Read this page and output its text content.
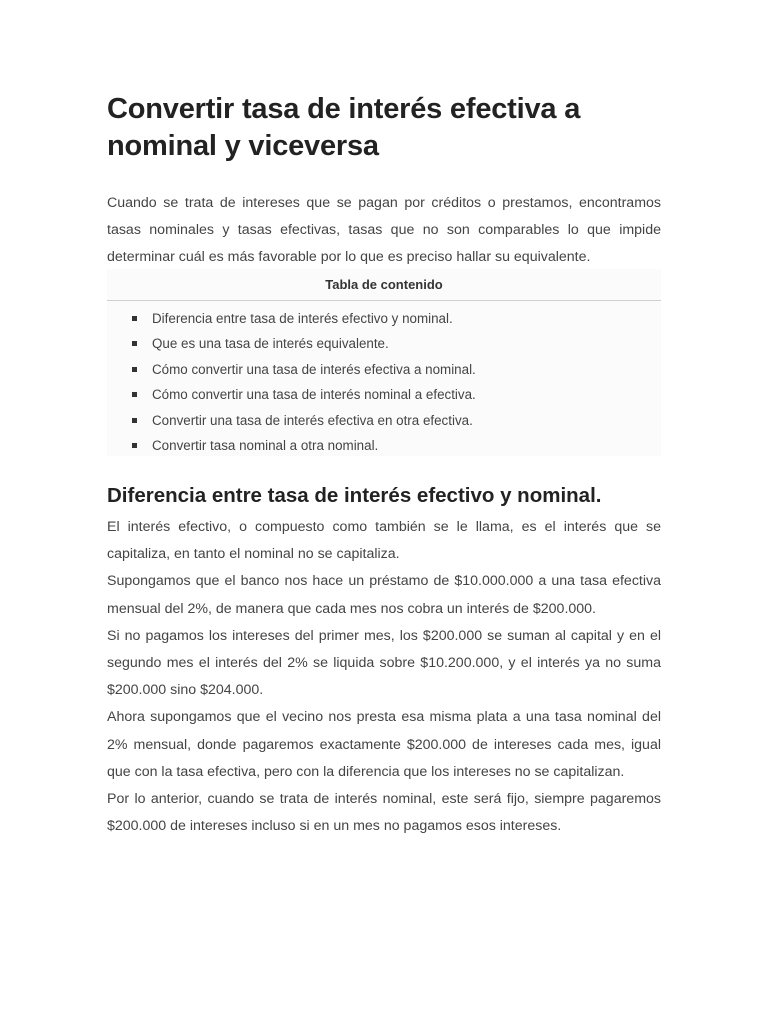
Convertir tasa de interés efectiva a nominal y viceversa

Cuando se trata de intereses que se pagan por créditos o prestamos, encontramos tasas nominales y tasas efectivas, tasas que no son comparables lo que impide determinar cuál es más favorable por lo que es preciso hallar su equivalente.

Tabla de contenido
Diferencia entre tasa de interés efectivo y nominal.
Que es una tasa de interés equivalente.
Cómo convertir una tasa de interés efectiva a nominal.
Cómo convertir una tasa de interés nominal a efectiva.
Convertir una tasa de interés efectiva en otra efectiva.
Convertir tasa nominal a otra nominal.
Diferencia entre tasa de interés efectivo y nominal.

El interés efectivo, o compuesto como también se le llama, es el interés que se capitaliza, en tanto el nominal no se capitaliza.

Supongamos que el banco nos hace un préstamo de $10.000.000 a una tasa efectiva mensual del 2%, de manera que cada mes nos cobra un interés de $200.000.

Si no pagamos los intereses del primer mes, los $200.000 se suman al capital y en el segundo mes el interés del 2% se liquida sobre $10.200.000, y el interés ya no suma $200.000 sino $204.000.

Ahora supongamos que el vecino nos presta esa misma plata a una tasa nominal del 2% mensual, donde pagaremos exactamente $200.000 de intereses cada mes, igual que con la tasa efectiva, pero con la diferencia que los intereses no se capitalizan.

Por lo anterior, cuando se trata de interés nominal, este será fijo, siempre pagaremos $200.000 de intereses incluso si en un mes no pagamos esos intereses.
